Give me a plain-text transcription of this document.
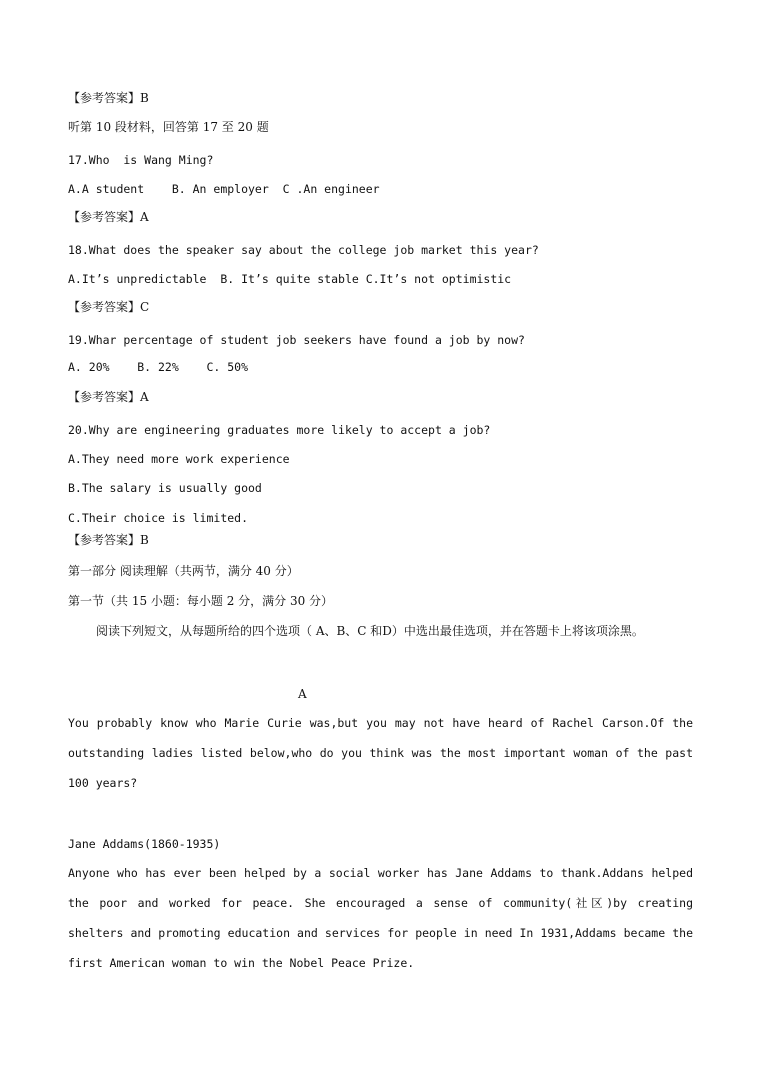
【参考答案】B
听第 10 段材料，回答第 17 至 20 题
17.Who  is Wang Ming?
A.A student    B. An employer  C .An engineer
【参考答案】A
18.What does the speaker say about the college job market this year?
A.It’s unpredictable  B. It’s quite stable C.It’s not optimistic
【参考答案】C
19.Whar percentage of student job seekers have found a job by now?
A. 20%    B. 22%    C. 50%
【参考答案】A
20.Why are engineering graduates more likely to accept a job?
A.They need more work experience
B.The salary is usually good
C.Their choice is limited.
【参考答案】B
第一部分 阅读理解（共两节，满分 40 分）
第一节（共 15 小题：每小题 2 分，满分 30 分）
阅读下列短文，从每题所给的四个选项（ A、B、C 和D）中选出最佳选项，并在答题卡上将该项涂黑。
A
You probably know who Marie Curie was,but you may not have heard of Rachel Carson.Of the outstanding ladies listed below,who do you think was the most important woman of the past 100 years?
Jane Addams(1860-1935)
Anyone who has ever been helped by a social worker has Jane Addams to thank.Addans helped the poor and worked for peace. She encouraged a sense of community(社区)by creating shelters and promoting education and services for people in need In 1931,Addams became the first American woman to win the Nobel Peace Prize.
